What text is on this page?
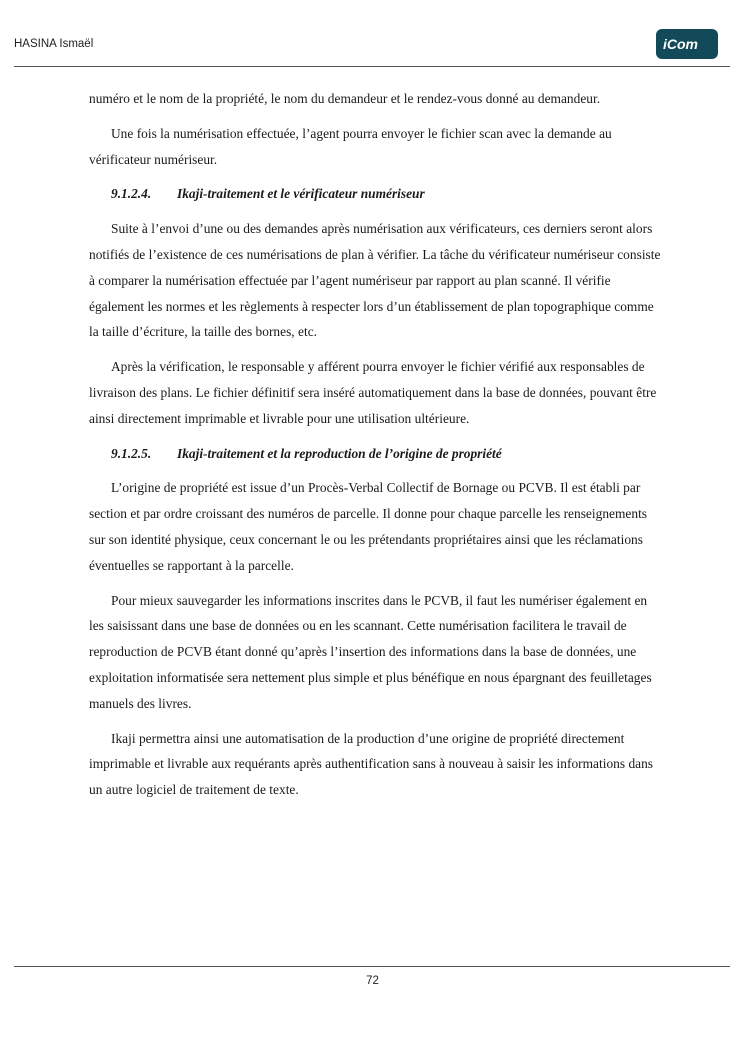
HASINA Ismaël	iCom

numéro et le nom de la propriété, le nom du demandeur et le rendez-vous donné au demandeur.

Une fois la numérisation effectuée, l’agent pourra envoyer le fichier scan avec la demande au vérificateur numériseur.

9.1.2.4. Ikaji-traitement et le vérificateur numériseur

Suite à l’envoi d’une ou des demandes après numérisation aux vérificateurs, ces derniers seront alors notifiés de l’existence de ces numérisations de plan à vérifier. La tâche du vérificateur numériseur consiste à comparer la numérisation effectuée par l’agent numériseur par rapport au plan scanné. Il vérifie également les normes et les règlements à respecter lors d’un établissement de plan topographique comme la taille d’écriture, la taille des bornes, etc.

Après la vérification, le responsable y afférent pourra envoyer le fichier vérifié aux responsables de livraison des plans. Le fichier définitif sera inséré automatiquement dans la base de données, pouvant être ainsi directement imprimable et livrable pour une utilisation ultérieure.

9.1.2.5. Ikaji-traitement et la reproduction de l’origine de propriété

L’origine de propriété est issue d’un Procès-Verbal Collectif de Bornage ou PCVB. Il est établi par section et par ordre croissant des numéros de parcelle. Il donne pour chaque parcelle les renseignements sur son identité physique, ceux concernant le ou les prétendants propriétaires ainsi que les réclamations éventuelles se rapportant à la parcelle.

Pour mieux sauvegarder les informations inscrites dans le PCVB, il faut les numériser également en les saisissant dans une base de données ou en les scannant. Cette numérisation facilitera le travail de reproduction de PCVB étant donné qu’après l’insertion des informations dans la base de données, une exploitation informatisée sera nettement plus simple et plus bénéfique en nous épargnant des feuilletages manuels des livres.

Ikaji permettra ainsi une automatisation de la production d’une origine de propriété directement imprimable et livrable aux requérants après authentification sans à nouveau à saisir les informations dans un autre logiciel de traitement de texte.

72
